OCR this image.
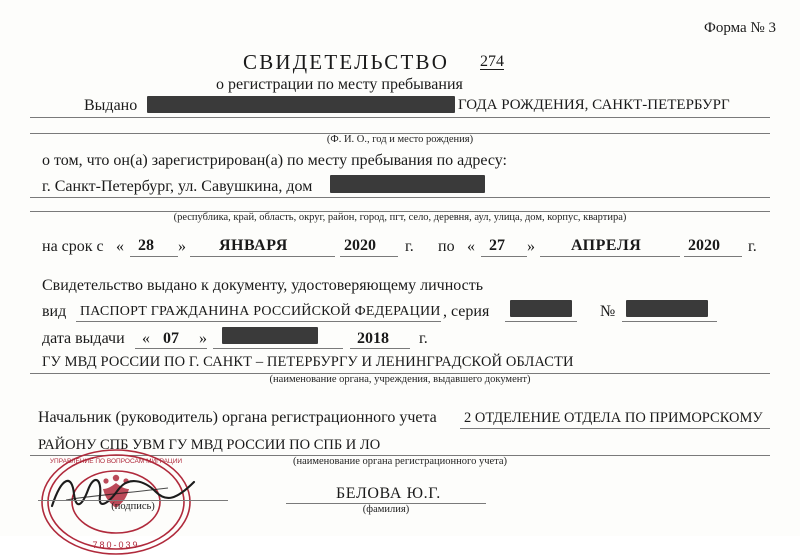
Форма № 3
СВИДЕТЕЛЬСТВО 274
о регистрации по месту пребывания
Выдано	ГОДА РОЖДЕНИЯ, САНКТ-ПЕТЕРБУРГ
(Ф. И. О., год и место рождения)
о том, что он(а) зарегистрирован(а) по месту пребывания по адресу:
г. Санкт-Петербург, ул. Савушкина, дом
(республика, край, область, округ, район, город, пгт, село, деревня, аул, улица, дом, корпус, квартира)
на срок с « 28 » ЯНВАРЯ	2020 г. по « 27 » АПРЕЛЯ	2020 г.
Свидетельство выдано к документу, удостоверяющему личность
вид ПАСПОРТ ГРАЖДАНИНА РОССИЙСКОЙ ФЕДЕРАЦИИ , серия	№
дата выдачи « 07 »	2018 г.
ГУ МВД РОССИИ ПО Г. САНКТ – ПЕТЕРБУРГУ И ЛЕНИНГРАДСКОЙ ОБЛАСТИ
(наименование органа, учреждения, выдавшего документ)
Начальник (руководитель) органа регистрационного учета 2 ОТДЕЛЕНИЕ ОТДЕЛА ПО ПРИМОРСКОМУ
РАЙОНУ СПБ УВМ ГУ МВД РОССИИ ПО СПБ И ЛО
(наименование органа регистрационного учета)
УПРАВЛЕНИЕ ПО ВОПРОСАМ МИГРАЦИИ
780-039
(подпись)
БЕЛОВА Ю.Г.
(фамилия)
